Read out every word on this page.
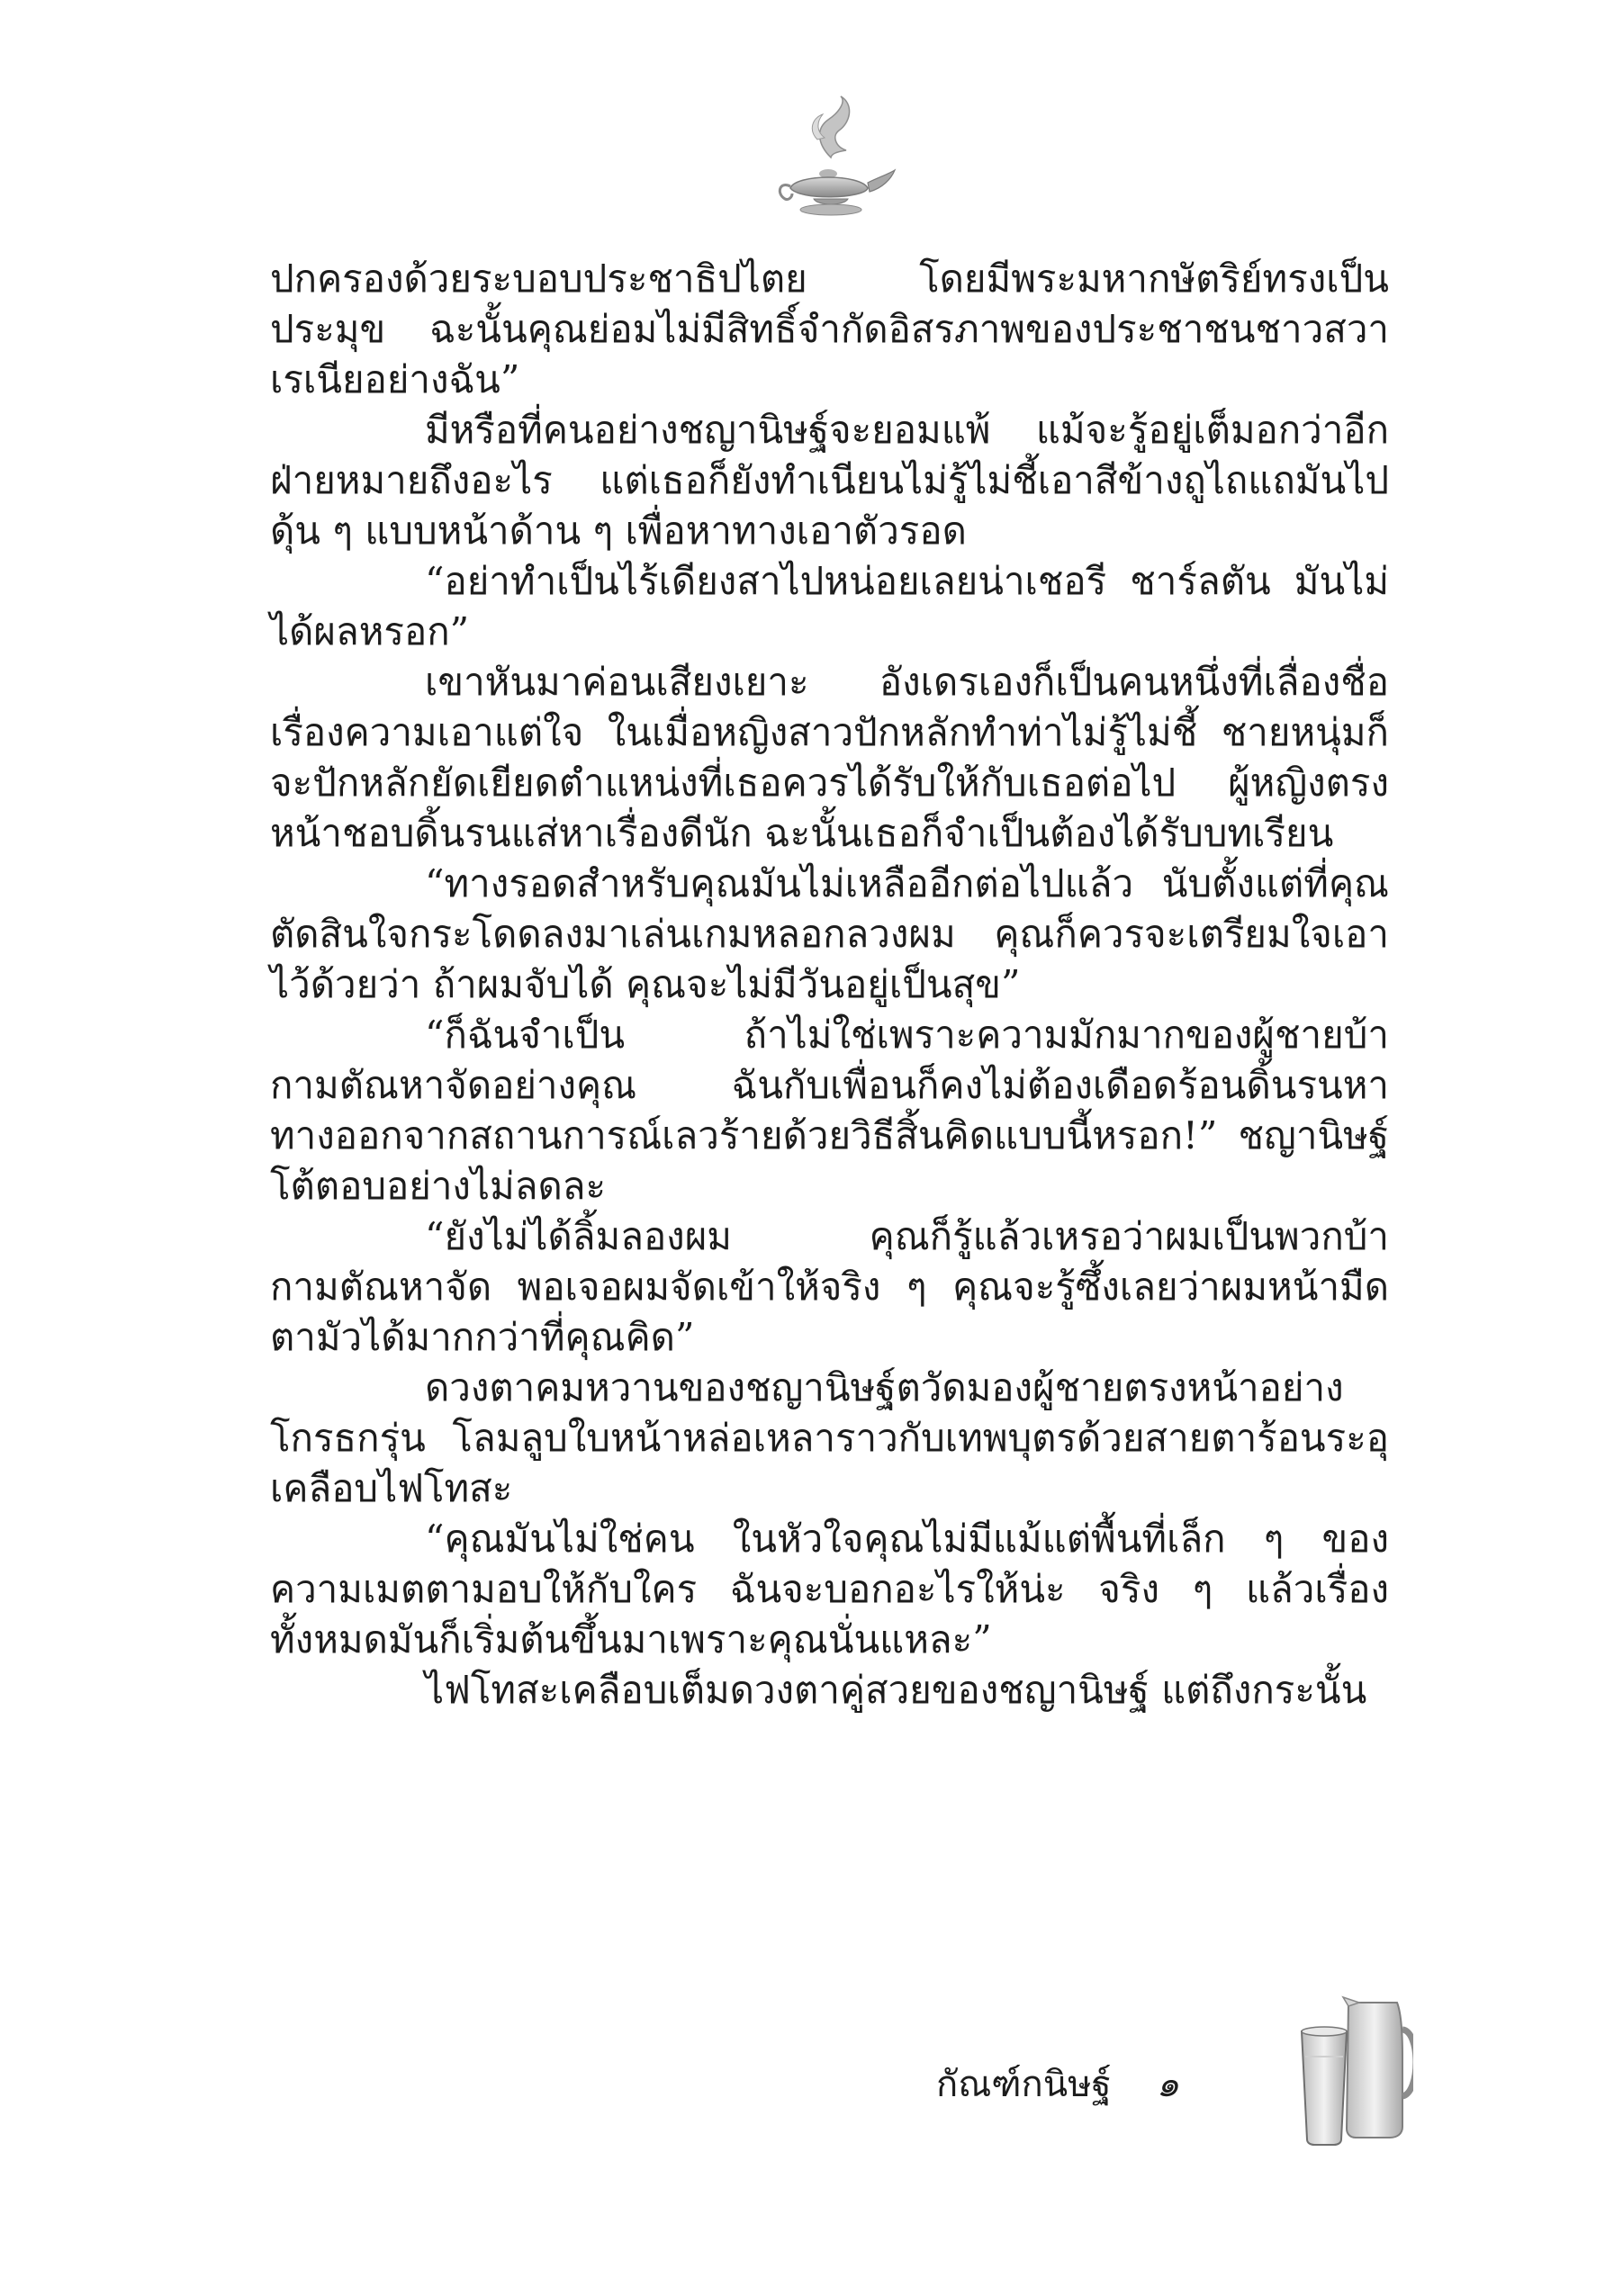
ปกครองด้วยระบอบประชาธิปไตย โดยมีพระมหากษัตริย์ทรงเป็นประมุข ฉะนั้นคุณย่อมไม่มีสิทธิ์จำกัดอิสรภาพของประชาชนชาวสวาเรเนียอย่างฉัน”

มีหรือที่คนอย่างชญานิษฐ์จะยอมแพ้ แม้จะรู้อยู่เต็มอกว่าอีกฝ่ายหมายถึงอะไร แต่เธอก็ยังทำเนียนไม่รู้ไม่ชี้เอาสีข้างถูไถแถมันไปดุ้น ๆ แบบหน้าด้าน ๆ เพื่อหาทางเอาตัวรอด

“อย่าทำเป็นไร้เดียงสาไปหน่อยเลยน่าเชอรี ชาร์ลตัน มันไม่ได้ผลหรอก”

เขาหันมาค่อนเสียงเยาะ อังเดรเองก็เป็นคนหนึ่งที่เลื่องชื่อเรื่องความเอาแต่ใจ ในเมื่อหญิงสาวปักหลักทำท่าไม่รู้ไม่ชี้ ชายหนุ่มก็จะปักหลักยัดเยียดตำแหน่งที่เธอควรได้รับให้กับเธอต่อไป ผู้หญิงตรงหน้าชอบดิ้นรนแส่หาเรื่องดีนัก ฉะนั้นเธอก็จำเป็นต้องได้รับบทเรียน

“ทางรอดสำหรับคุณมันไม่เหลืออีกต่อไปแล้ว นับตั้งแต่ที่คุณตัดสินใจกระโดดลงมาเล่นเกมหลอกลวงผม คุณก็ควรจะเตรียมใจเอาไว้ด้วยว่า ถ้าผมจับได้ คุณจะไม่มีวันอยู่เป็นสุข”

“ก็ฉันจำเป็น ถ้าไม่ใช่เพราะความมักมากของผู้ชายบ้ากามตัณหาจัดอย่างคุณ ฉันกับเพื่อนก็คงไม่ต้องเดือดร้อนดิ้นรนหาทางออกจากสถานการณ์เลวร้ายด้วยวิธีสิ้นคิดแบบนี้หรอก!” ชญานิษฐ์โต้ตอบอย่างไม่ลดละ

“ยังไม่ได้ลิ้มลองผม คุณก็รู้แล้วเหรอว่าผมเป็นพวกบ้ากามตัณหาจัด พอเจอผมจัดเข้าให้จริง ๆ คุณจะรู้ซึ้งเลยว่าผมหน้ามืดตามัวได้มากกว่าที่คุณคิด”

ดวงตาคมหวานของชญานิษฐ์ตวัดมองผู้ชายตรงหน้าอย่างโกรธกรุ่น โลมลูบใบหน้าหล่อเหลาราวกับเทพบุตรด้วยสายตาร้อนระอุเคลือบไฟโทสะ

“คุณมันไม่ใช่คน ในหัวใจคุณไม่มีแม้แต่พื้นที่เล็ก ๆ ของความเมตตามอบให้กับใคร ฉันจะบอกอะไรให้น่ะ จริง ๆ แล้วเรื่องทั้งหมดมันก็เริ่มต้นขึ้นมาเพราะคุณนั่นแหละ”

ไฟโทสะเคลือบเต็มดวงตาคู่สวยของชญานิษฐ์ แต่ถึงกระนั้น

กัณฑ์กนิษฐ์ ๑
